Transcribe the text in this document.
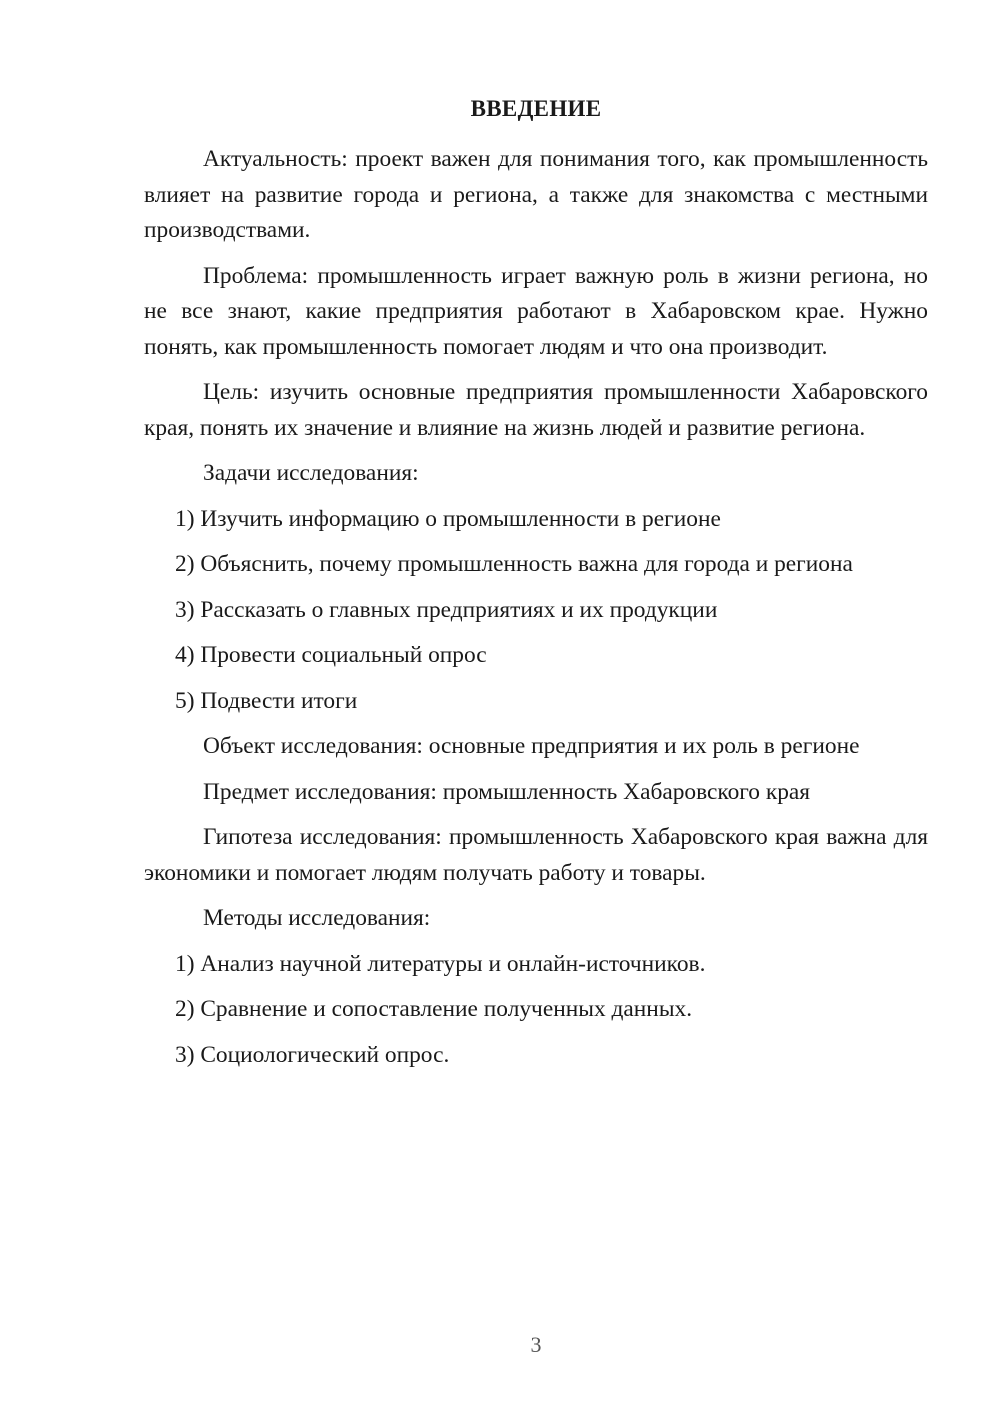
ВВЕДЕНИЕ

Актуальность: проект важен для понимания того, как промышленность влияет на развитие города и региона, а также для знакомства с местными производствами.

Проблема: промышленность играет важную роль в жизни региона, но не все знают, какие предприятия работают в Хабаровском крае. Нужно понять, как промышленность помогает людям и что она производит.

Цель: изучить основные предприятия промышленности Хабаровского края, понять их значение и влияние на жизнь людей и развитие региона.

Задачи исследования:

1) Изучить информацию о промышленности в регионе

2) Объяснить, почему промышленность важна для города и региона

3) Рассказать о главных предприятиях и их продукции

4) Провести социальный опрос

5) Подвести итоги

Объект исследования: основные предприятия и их роль в регионе

Предмет исследования: промышленность Хабаровского края

Гипотеза исследования: промышленность Хабаровского края важна для экономики и помогает людям получать работу и товары.

Методы исследования:

1) Анализ научной литературы и онлайн-источников.

2) Сравнение и сопоставление полученных данных.

3) Социологический опрос.

3
